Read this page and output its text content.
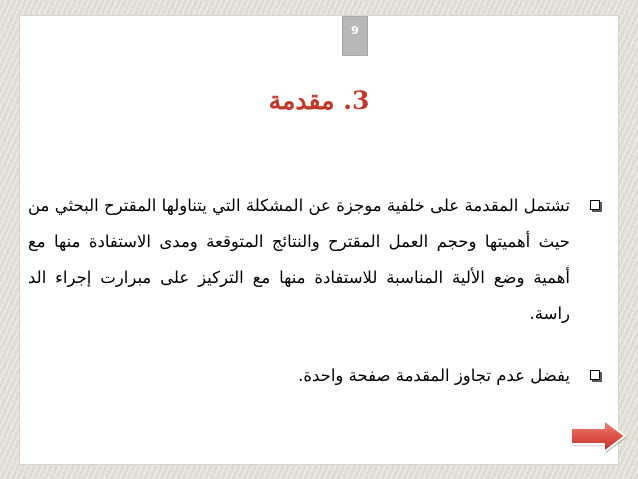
9
3. مقدمة
تشتمل المقدمة على خلفية موجزة عن المشكلة التي يتناولها المقترح البحثي من حيث أهميتها وحجم العمل المقترح والنتائج المتوقعة ومدى الاستفادة منها مع أهمية وضع الألية المناسبة للاستفادة منها مع التركيز على مبرارت إجراء الد راسة.
يفضل عدم تجاوز المقدمة صفحة واحدة.
